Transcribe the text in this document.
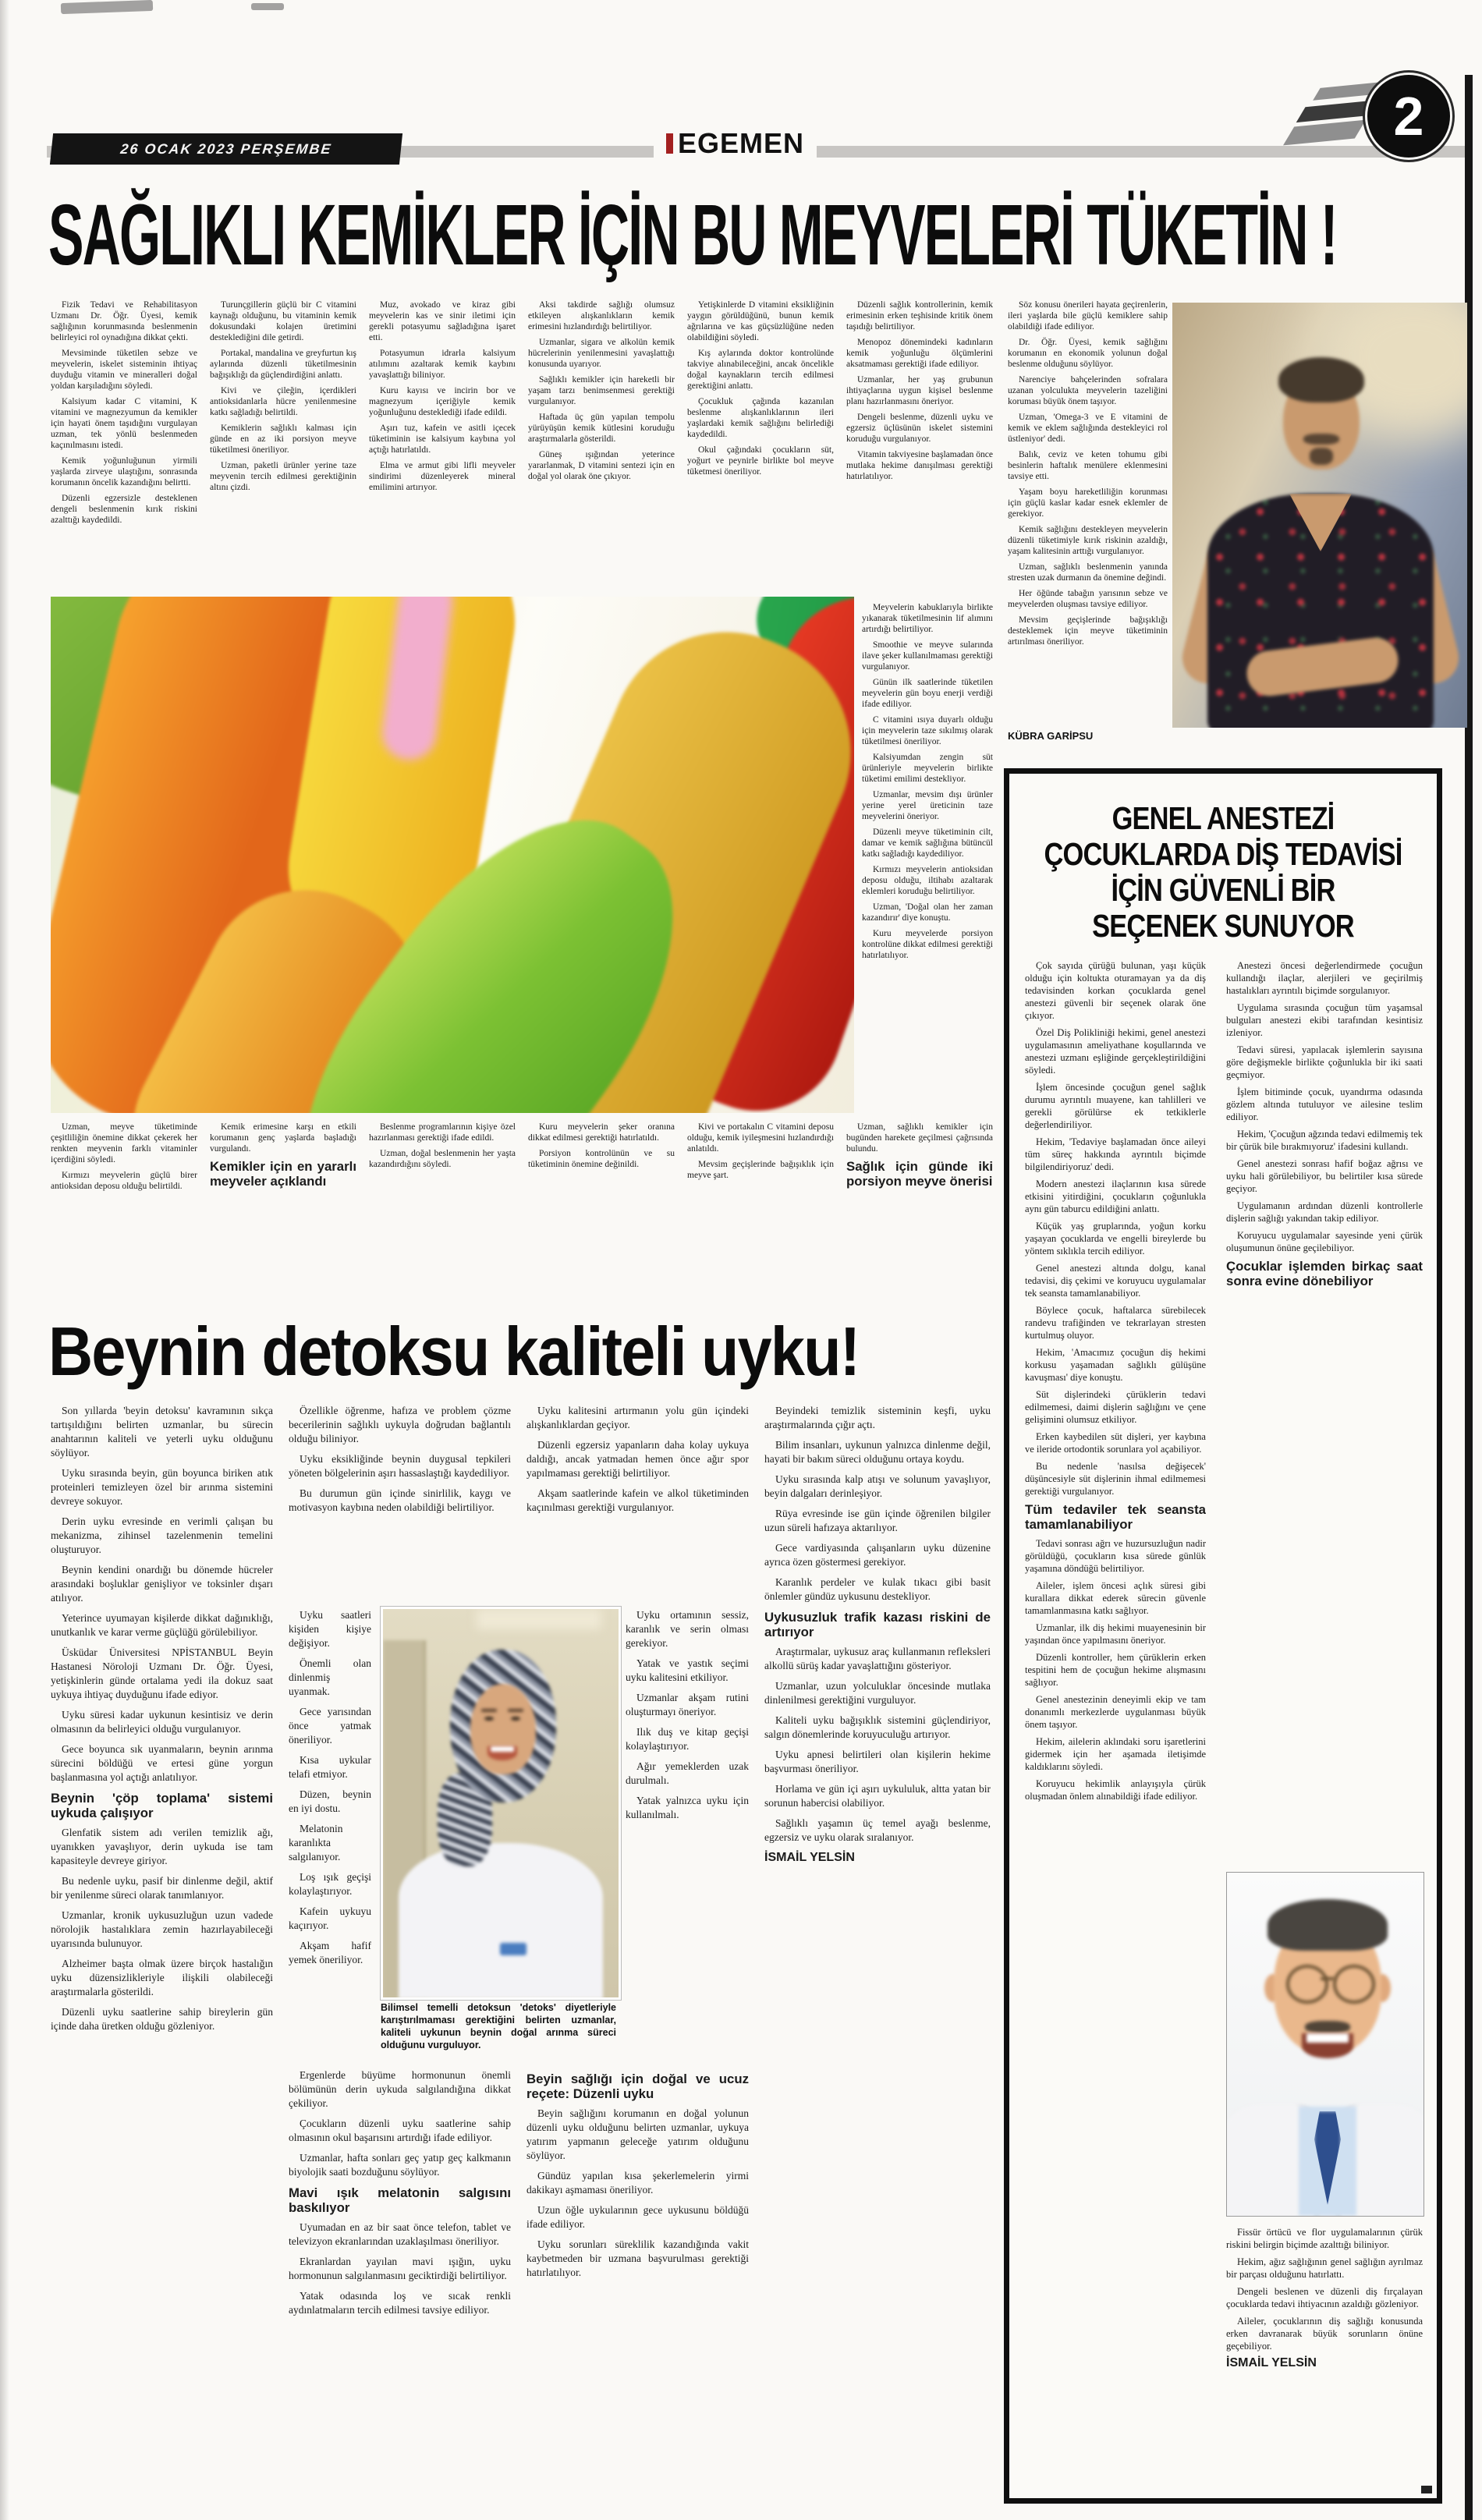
26 OCAK 2023 PERŞEMBE	EGEMEN	2
SAĞLIKLI KEMİKLER İÇİN BU MEYVELERİ TÜKETİN !

Fizik Tedavi ve Rehabilitasyon Uzmanı Dr. Öğr. Üyesi, kemik sağlığının korunmasında beslenmenin belirleyici rol oynadığına dikkat çekti.

Mevsiminde tüketilen sebze ve meyvelerin, iskelet sisteminin ihtiyaç duyduğu vitamin ve mineralleri doğal yoldan karşıladığını söyledi.

Kalsiyum kadar C vitamini, K vitamini ve magnezyumun da kemikler için hayati önem taşıdığını vurgulayan uzman, tek yönlü beslenmeden kaçınılmasını istedi.

Kemik yoğunluğunun yirmili yaşlarda zirveye ulaştığını, sonrasında korumanın öncelik kazandığını belirtti.

Düzenli egzersizle desteklenen dengeli beslenmenin kırık riskini azalttığı kaydedildi.

Turunçgillerin güçlü bir C vitamini kaynağı olduğunu, bu vitaminin kemik dokusundaki kolajen üretimini desteklediğini dile getirdi.

Portakal, mandalina ve greyfurtun kış aylarında düzenli tüketilmesinin bağışıklığı da güçlendirdiğini anlattı.

Kivi ve çileğin, içerdikleri antioksidanlarla hücre yenilenmesine katkı sağladığı belirtildi.

Kemiklerin sağlıklı kalması için günde en az iki porsiyon meyve tüketilmesi öneriliyor.

Uzman, paketli ürünler yerine taze meyvenin tercih edilmesi gerektiğinin altını çizdi.

Muz, avokado ve kiraz gibi meyvelerin kas ve sinir iletimi için gerekli potasyumu sağladığına işaret etti.

Potasyumun idrarla kalsiyum atılımını azaltarak kemik kaybını yavaşlattığı biliniyor.

Kuru kayısı ve incirin bor ve magnezyum içeriğiyle kemik yoğunluğunu desteklediği ifade edildi.

Aşırı tuz, kafein ve asitli içecek tüketiminin ise kalsiyum kaybına yol açtığı hatırlatıldı.

Elma ve armut gibi lifli meyveler sindirimi düzenleyerek mineral emilimini artırıyor.

Aksi takdirde sağlığı olumsuz etkileyen alışkanlıkların kemik erimesini hızlandırdığı belirtiliyor.

Uzmanlar, sigara ve alkolün kemik hücrelerinin yenilenmesini yavaşlattığı konusunda uyarıyor.

Sağlıklı kemikler için hareketli bir yaşam tarzı benimsenmesi gerektiği vurgulanıyor.

Haftada üç gün yapılan tempolu yürüyüşün kemik kütlesini koruduğu araştırmalarla gösterildi.

Güneş ışığından yeterince yararlanmak, D vitamini sentezi için en doğal yol olarak öne çıkıyor.

Yetişkinlerde D vitamini eksikliğinin yaygın görüldüğünü, bunun kemik ağrılarına ve kas güçsüzlüğüne neden olabildiğini söyledi.

Kış aylarında doktor kontrolünde takviye alınabileceğini, ancak öncelikle doğal kaynakların tercih edilmesi gerektiğini anlattı.

Çocukluk çağında kazanılan beslenme alışkanlıklarının ileri yaşlardaki kemik sağlığını belirlediği kaydedildi.

Okul çağındaki çocukların süt, yoğurt ve peynirle birlikte bol meyve tüketmesi öneriliyor.

Düzenli sağlık kontrollerinin, kemik erimesinin erken teşhisinde kritik önem taşıdığı belirtiliyor.

Menopoz dönemindeki kadınların kemik yoğunluğu ölçümlerini aksatmaması gerektiği ifade ediliyor.

Uzmanlar, her yaş grubunun ihtiyaçlarına uygun kişisel beslenme planı hazırlanmasını öneriyor.

Dengeli beslenme, düzenli uyku ve egzersiz üçlüsünün iskelet sistemini koruduğu vurgulanıyor.

Vitamin takviyesine başlamadan önce mutlaka hekime danışılması gerektiği hatırlatılıyor.

Söz konusu önerileri hayata geçirenlerin, ileri yaşlarda bile güçlü kemiklere sahip olabildiği ifade ediliyor.

Dr. Öğr. Üyesi, kemik sağlığını korumanın en ekonomik yolunun doğal beslenme olduğunu söylüyor.

Narenciye bahçelerinden sofralara uzanan yolculukta meyvelerin tazeliğini koruması büyük önem taşıyor.

Uzman, 'Omega-3 ve E vitamini de kemik ve eklem sağlığında destekleyici rol üstleniyor' dedi.

Balık, ceviz ve keten tohumu gibi besinlerin haftalık menülere eklenmesini tavsiye etti.

Yaşam boyu hareketliliğin korunması için güçlü kaslar kadar esnek eklemler de gerekiyor.

Kemik sağlığını destekleyen meyvelerin düzenli tüketimiyle kırık riskinin azaldığı, yaşam kalitesinin arttığı vurgulanıyor.

Uzman, sağlıklı beslenmenin yanında stresten uzak durmanın da önemine değindi.

Her öğünde tabağın yarısının sebze ve meyvelerden oluşması tavsiye ediliyor.

Mevsim geçişlerinde bağışıklığı desteklemek için meyve tüketiminin artırılması öneriliyor.

KÜBRA GARİPSU

Meyvelerin kabuklarıyla birlikte yıkanarak tüketilmesinin lif alımını artırdığı belirtiliyor.

Smoothie ve meyve sularında ilave şeker kullanılmaması gerektiği vurgulanıyor.

Günün ilk saatlerinde tüketilen meyvelerin gün boyu enerji verdiği ifade ediliyor.

C vitamini ısıya duyarlı olduğu için meyvelerin taze sıkılmış olarak tüketilmesi öneriliyor.

Kalsiyumdan zengin süt ürünleriyle meyvelerin birlikte tüketimi emilimi destekliyor.

Uzmanlar, mevsim dışı ürünler yerine yerel üreticinin taze meyvelerini öneriyor.

Düzenli meyve tüketiminin cilt, damar ve kemik sağlığına bütüncül katkı sağladığı kaydediliyor.

Kırmızı meyvelerin antioksidan deposu olduğu, iltihabı azaltarak eklemleri koruduğu belirtiliyor.

Uzman, 'Doğal olan her zaman kazandırır' diye konuştu.

Kuru meyvelerde porsiyon kontrolüne dikkat edilmesi gerektiği hatırlatılıyor.

Uzman, meyve tüketiminde çeşitliliğin önemine dikkat çekerek her renkten meyvenin farklı vitaminler içerdiğini söyledi.

Kırmızı meyvelerin güçlü birer antioksidan deposu olduğu belirtildi.

Kemik erimesine karşı en etkili korumanın genç yaşlarda başladığı vurgulandı.

Kemikler için en yararlı meyveler açıklandı

Beslenme programlarının kişiye özel hazırlanması gerektiği ifade edildi.

Uzman, doğal beslenmenin her yaşta kazandırdığını söyledi.

Kuru meyvelerin şeker oranına dikkat edilmesi gerektiği hatırlatıldı.

Porsiyon kontrolünün ve su tüketiminin önemine değinildi.

Kivi ve portakalın C vitamini deposu olduğu, kemik iyileşmesini hızlandırdığı anlatıldı.

Mevsim geçişlerinde bağışıklık için meyve şart.

Uzman, sağlıklı kemikler için bugünden harekete geçilmesi çağrısında bulundu.

Sağlık için günde iki porsiyon meyve önerisi

Beynin detoksu kaliteli uyku!

Son yıllarda 'beyin detoksu' kavramının sıkça tartışıldığını belirten uzmanlar, bu sürecin anahtarının kaliteli ve yeterli uyku olduğunu söylüyor.

Uyku sırasında beyin, gün boyunca biriken atık proteinleri temizleyen özel bir arınma sistemini devreye sokuyor.

Derin uyku evresinde en verimli çalışan bu mekanizma, zihinsel tazelenmenin temelini oluşturuyor.

Beynin kendini onardığı bu dönemde hücreler arasındaki boşluklar genişliyor ve toksinler dışarı atılıyor.

Yeterince uyumayan kişilerde dikkat dağınıklığı, unutkanlık ve karar verme güçlüğü görülebiliyor.

Üsküdar Üniversitesi NPİSTANBUL Beyin Hastanesi Nöroloji Uzmanı Dr. Öğr. Üyesi, yetişkinlerin günde ortalama yedi ila dokuz saat uykuya ihtiyaç duyduğunu ifade ediyor.

Uyku süresi kadar uykunun kesintisiz ve derin olmasının da belirleyici olduğu vurgulanıyor.

Gece boyunca sık uyanmaların, beynin arınma sürecini böldüğü ve ertesi güne yorgun başlanmasına yol açtığı anlatılıyor.

Beynin 'çöp toplama' sistemi uykuda çalışıyor

Glenfatik sistem adı verilen temizlik ağı, uyanıkken yavaşlıyor, derin uykuda ise tam kapasiteyle devreye giriyor.

Bu nedenle uyku, pasif bir dinlenme değil, aktif bir yenilenme süreci olarak tanımlanıyor.

Uzmanlar, kronik uykusuzluğun uzun vadede nörolojik hastalıklara zemin hazırlayabileceği uyarısında bulunuyor.

Alzheimer başta olmak üzere birçok hastalığın uyku düzensizlikleriyle ilişkili olabileceği araştırmalarla gösterildi.

Düzenli uyku saatlerine sahip bireylerin gün içinde daha üretken olduğu gözleniyor.

Özellikle öğrenme, hafıza ve problem çözme becerilerinin sağlıklı uykuyla doğrudan bağlantılı olduğu biliniyor.

Uyku eksikliğinde beynin duygusal tepkileri yöneten bölgelerinin aşırı hassaslaştığı kaydediliyor.

Bu durumun gün içinde sinirlilik, kaygı ve motivasyon kaybına neden olabildiği belirtiliyor.

Uyku saatleri kişiden kişiye değişiyor.

Önemli olan dinlenmiş uyanmak.

Gece yarısından önce yatmak öneriliyor.

Kısa uykular telafi etmiyor.

Düzen, beynin en iyi dostu.

Melatonin karanlıkta salgılanıyor.

Loş ışık geçişi kolaylaştırıyor.

Kafein uykuyu kaçırıyor.

Akşam hafif yemek öneriliyor.

Ergenlerde büyüme hormonunun önemli bölümünün derin uykuda salgılandığına dikkat çekiliyor.

Çocukların düzenli uyku saatlerine sahip olmasının okul başarısını artırdığı ifade ediliyor.

Uzmanlar, hafta sonları geç yatıp geç kalkmanın biyolojik saati bozduğunu söylüyor.

Mavi ışık melatonin salgısını baskılıyor

Uyumadan en az bir saat önce telefon, tablet ve televizyon ekranlarından uzaklaşılması öneriliyor.

Ekranlardan yayılan mavi ışığın, uyku hormonunun salgılanmasını geciktirdiği belirtiliyor.

Yatak odasında loş ve sıcak renkli aydınlatmaların tercih edilmesi tavsiye ediliyor.

Uyku kalitesini artırmanın yolu gün içindeki alışkanlıklardan geçiyor.

Düzenli egzersiz yapanların daha kolay uykuya daldığı, ancak yatmadan hemen önce ağır spor yapılmaması gerektiği belirtiliyor.

Akşam saatlerinde kafein ve alkol tüketiminden kaçınılması gerektiği vurgulanıyor.

Uyku ortamının sessiz, karanlık ve serin olması gerekiyor.

Yatak ve yastık seçimi uyku kalitesini etkiliyor.

Uzmanlar akşam rutini oluşturmayı öneriyor.

Ilık duş ve kitap geçişi kolaylaştırıyor.

Ağır yemeklerden uzak durulmalı.

Yatak yalnızca uyku için kullanılmalı.

Beyin sağlığı için doğal ve ucuz reçete: Düzenli uyku

Beyin sağlığını korumanın en doğal yolunun düzenli uyku olduğunu belirten uzmanlar, uykuya yatırım yapmanın geleceğe yatırım olduğunu söylüyor.

Gündüz yapılan kısa şekerlemelerin yirmi dakikayı aşmaması öneriliyor.

Uzun öğle uykularının gece uykusunu böldüğü ifade ediliyor.

Uyku sorunları süreklilik kazandığında vakit kaybetmeden bir uzmana başvurulması gerektiği hatırlatılıyor.

Beyindeki temizlik sisteminin keşfi, uyku araştırmalarında çığır açtı.

Bilim insanları, uykunun yalnızca dinlenme değil, hayati bir bakım süreci olduğunu ortaya koydu.

Uyku sırasında kalp atışı ve solunum yavaşlıyor, beyin dalgaları derinleşiyor.

Rüya evresinde ise gün içinde öğrenilen bilgiler uzun süreli hafızaya aktarılıyor.

Gece vardiyasında çalışanların uyku düzenine ayrıca özen göstermesi gerekiyor.

Karanlık perdeler ve kulak tıkacı gibi basit önlemler gündüz uykusunu destekliyor.

Uykusuzluk trafik kazası riskini de artırıyor

Araştırmalar, uykusuz araç kullanmanın refleksleri alkollü sürüş kadar yavaşlattığını gösteriyor.

Uzmanlar, uzun yolculuklar öncesinde mutlaka dinlenilmesi gerektiğini vurguluyor.

Kaliteli uyku bağışıklık sistemini güçlendiriyor, salgın dönemlerinde koruyuculuğu artırıyor.

Uyku apnesi belirtileri olan kişilerin hekime başvurması öneriliyor.

Horlama ve gün içi aşırı uykululuk, altta yatan bir sorunun habercisi olabiliyor.

Sağlıklı yaşamın üç temel ayağı beslenme, egzersiz ve uyku olarak sıralanıyor.

İSMAİL YELSİN

Bilimsel temelli detoksun 'detoks' diyetleriyle karıştırılmaması gerektiğini belirten uzmanlar, kaliteli uykunun beynin doğal arınma süreci olduğunu vurguluyor.
GENEL ANESTEZİ
ÇOCUKLARDA DİŞ TEDAVİSİ
İÇİN GÜVENLİ BİR
SEÇENEK SUNUYOR

Çok sayıda çürüğü bulunan, yaşı küçük olduğu için koltukta oturamayan ya da diş tedavisinden korkan çocuklarda genel anestezi güvenli bir seçenek olarak öne çıkıyor.

Özel Diş Polikliniği hekimi, genel anestezi uygulamasının ameliyathane koşullarında ve anestezi uzmanı eşliğinde gerçekleştirildiğini söyledi.

İşlem öncesinde çocuğun genel sağlık durumu ayrıntılı muayene, kan tahlilleri ve gerekli görülürse ek tetkiklerle değerlendiriliyor.

Hekim, 'Tedaviye başlamadan önce aileyi tüm süreç hakkında ayrıntılı biçimde bilgilendiriyoruz' dedi.

Modern anestezi ilaçlarının kısa sürede etkisini yitirdiğini, çocukların çoğunlukla aynı gün taburcu edildiğini anlattı.

Küçük yaş gruplarında, yoğun korku yaşayan çocuklarda ve engelli bireylerde bu yöntem sıklıkla tercih ediliyor.

Genel anestezi altında dolgu, kanal tedavisi, diş çekimi ve koruyucu uygulamalar tek seansta tamamlanabiliyor.

Böylece çocuk, haftalarca sürebilecek randevu trafiğinden ve tekrarlayan stresten kurtulmuş oluyor.

Hekim, 'Amacımız çocuğun diş hekimi korkusu yaşamadan sağlıklı gülüşüne kavuşması' diye konuştu.

Süt dişlerindeki çürüklerin tedavi edilmemesi, daimi dişlerin sağlığını ve çene gelişimini olumsuz etkiliyor.

Erken kaybedilen süt dişleri, yer kaybına ve ileride ortodontik sorunlara yol açabiliyor.

Bu nedenle 'nasılsa değişecek' düşüncesiyle süt dişlerinin ihmal edilmemesi gerektiği vurgulanıyor.

Tüm tedaviler tek seansta tamamlanabiliyor

Tedavi sonrası ağrı ve huzursuzluğun nadir görüldüğü, çocukların kısa sürede günlük yaşamına döndüğü belirtiliyor.

Aileler, işlem öncesi açlık süresi gibi kurallara dikkat ederek sürecin güvenle tamamlanmasına katkı sağlıyor.

Uzmanlar, ilk diş hekimi muayenesinin bir yaşından önce yapılmasını öneriyor.

Düzenli kontroller, hem çürüklerin erken tespitini hem de çocuğun hekime alışmasını sağlıyor.

Genel anestezinin deneyimli ekip ve tam donanımlı merkezlerde uygulanması büyük önem taşıyor.

Hekim, ailelerin aklındaki soru işaretlerini gidermek için her aşamada iletişimde kaldıklarını söyledi.

Koruyucu hekimlik anlayışıyla çürük oluşmadan önlem alınabildiği ifade ediliyor.

Anestezi öncesi değerlendirmede çocuğun kullandığı ilaçlar, alerjileri ve geçirilmiş hastalıkları ayrıntılı biçimde sorgulanıyor.

Uygulama sırasında çocuğun tüm yaşamsal bulguları anestezi ekibi tarafından kesintisiz izleniyor.

Tedavi süresi, yapılacak işlemlerin sayısına göre değişmekle birlikte çoğunlukla bir iki saati geçmiyor.

İşlem bitiminde çocuk, uyandırma odasında gözlem altında tutuluyor ve ailesine teslim ediliyor.

Hekim, 'Çocuğun ağzında tedavi edilmemiş tek bir çürük bile bırakmıyoruz' ifadesini kullandı.

Genel anestezi sonrası hafif boğaz ağrısı ve uyku hali görülebiliyor, bu belirtiler kısa sürede geçiyor.

Uygulamanın ardından düzenli kontrollerle dişlerin sağlığı yakından takip ediliyor.

Koruyucu uygulamalar sayesinde yeni çürük oluşumunun önüne geçilebiliyor.

Çocuklar işlemden birkaç saat sonra evine dönebiliyor

Fissür örtücü ve flor uygulamalarının çürük riskini belirgin biçimde azalttığı biliniyor.

Hekim, ağız sağlığının genel sağlığın ayrılmaz bir parçası olduğunu hatırlattı.

Dengeli beslenen ve düzenli diş fırçalayan çocuklarda tedavi ihtiyacının azaldığı gözleniyor.

Aileler, çocuklarının diş sağlığı konusunda erken davranarak büyük sorunların önüne geçebiliyor.

İSMAİL YELSİN
